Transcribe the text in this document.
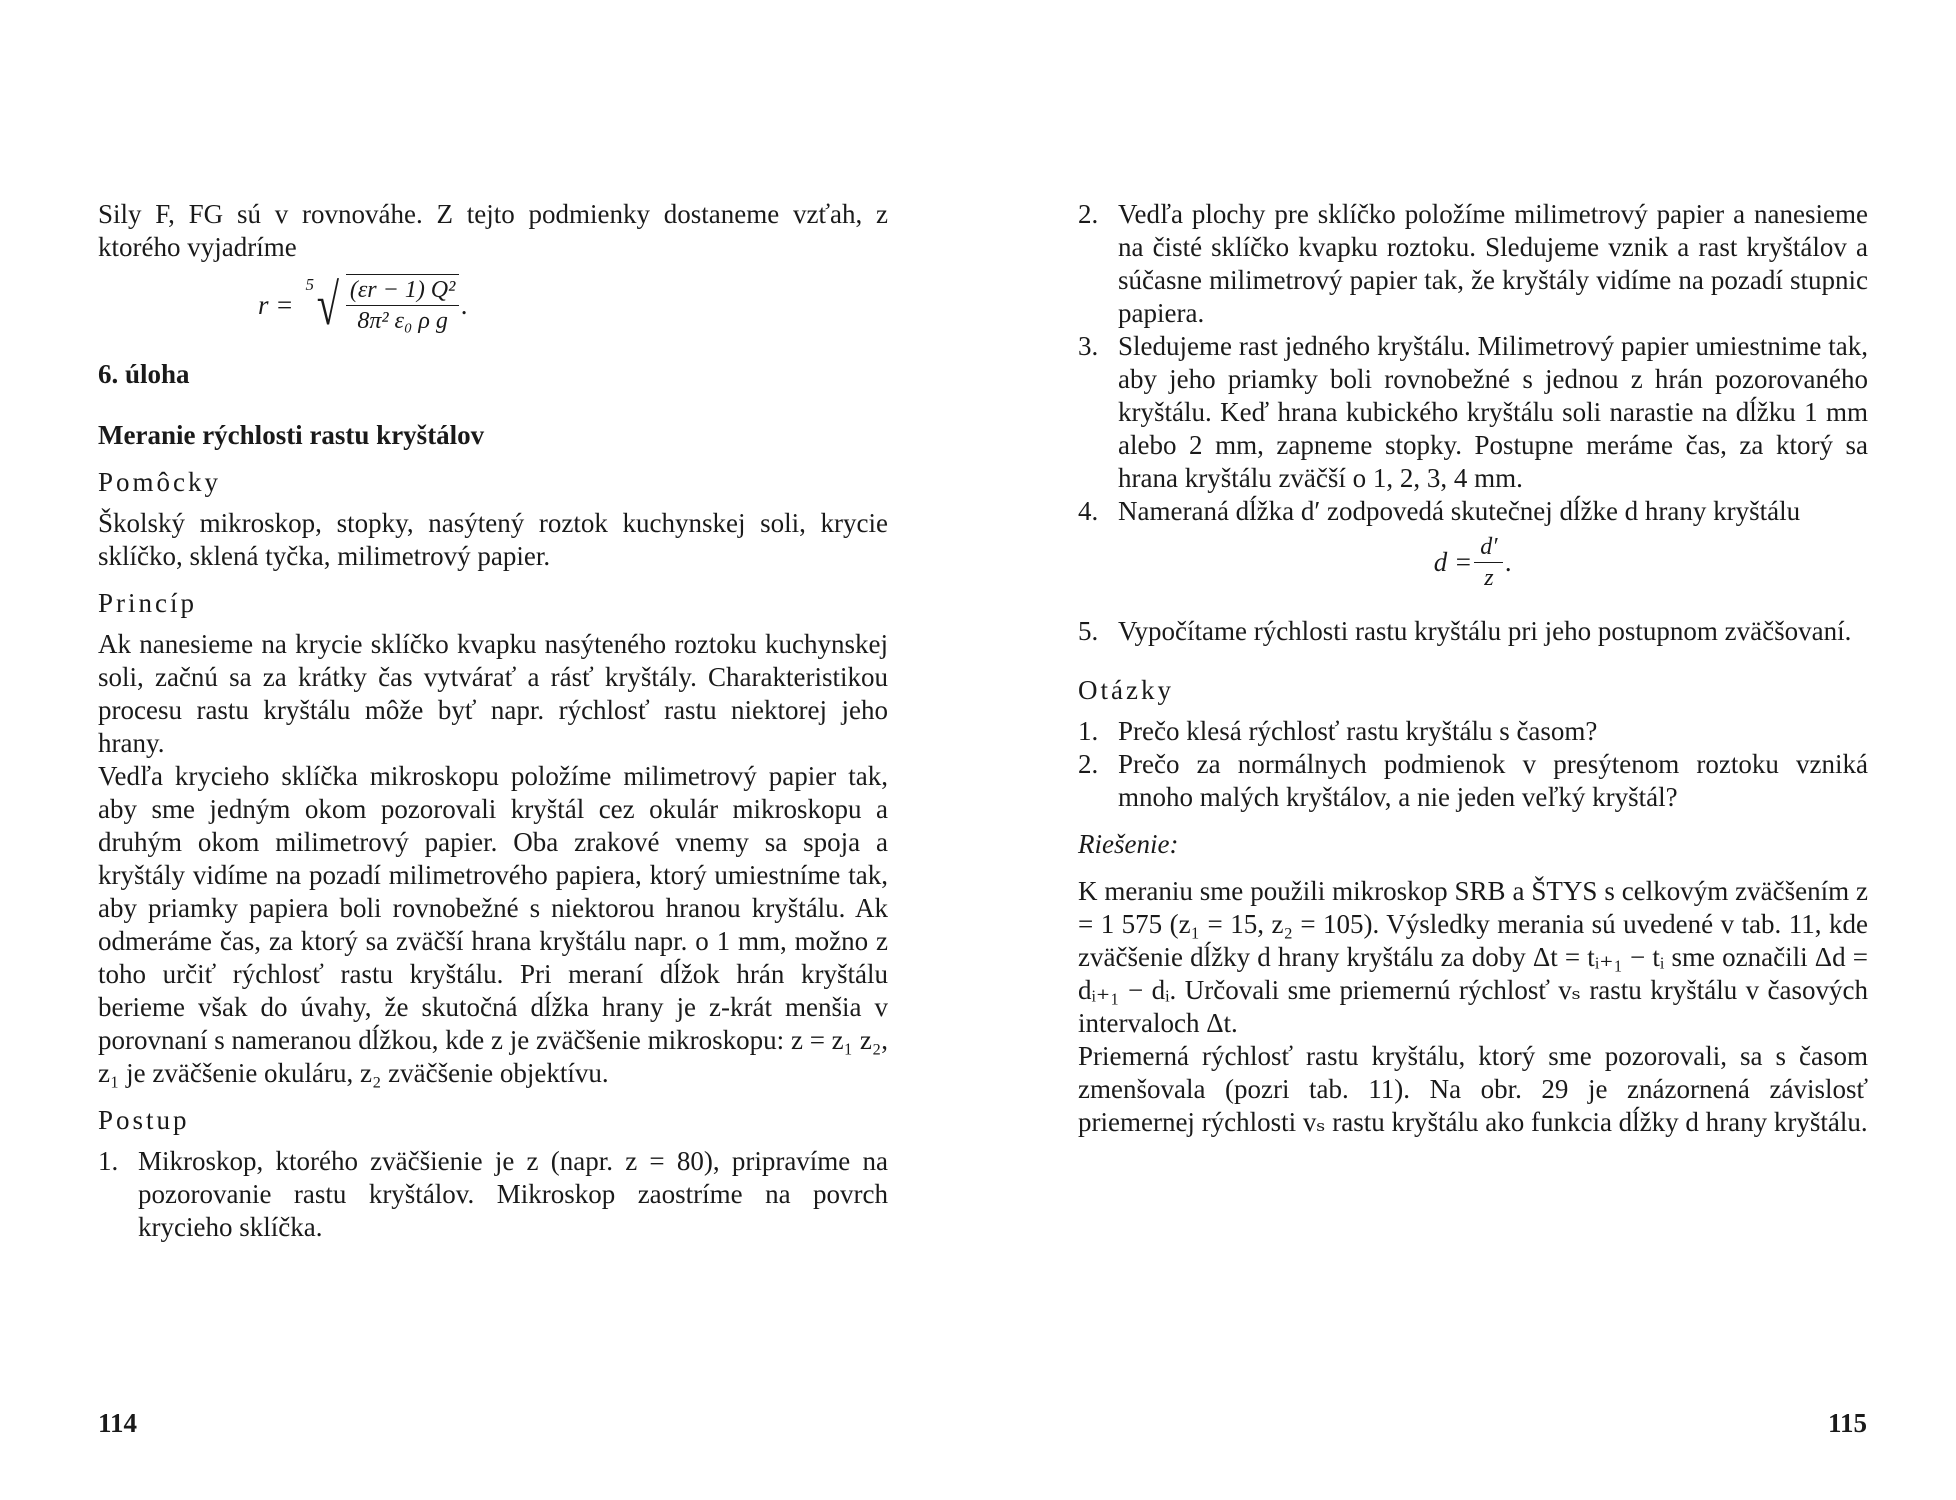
Sily F, FG sú v rovnováhe. Z tejto podmienky dostaneme vzťah, z ktorého vyjadríme

r =
5 √ $\frac{\text{(εr − 1) Q²}}{\text{8π² ε₀ ρ g}}$ .

6. úloha

Meranie rýchlosti rastu kryštálov

Pomôcky

Školský mikroskop, stopky, nasýtený roztok kuchynskej soli, krycie sklíčko, sklená tyčka, milimetrový papier.

Princíp

Ak nanesieme na krycie sklíčko kvapku nasýteného roztoku kuchynskej soli, začnú sa za krátky čas vytvárať a rásť kryštály. Charakteristikou procesu rastu kryštálu môže byť napr. rýchlosť rastu niektorej jeho hrany.

Vedľa krycieho sklíčka mikroskopu položíme milimetrový papier tak, aby sme jedným okom pozorovali kryštál cez okulár mikroskopu a druhým okom milimetrový papier. Oba zrakové vnemy sa spoja a kryštály vidíme na pozadí milimetrového papiera, ktorý umiestníme tak, aby priamky papiera boli rovnobežné s niektorou hranou kryštálu. Ak odmeráme čas, za ktorý sa zväčší hrana kryštálu napr. o 1 mm, možno z toho určiť rýchlosť rastu kryštálu. Pri meraní dĺžok hrán kryštálu berieme však do úvahy, že skutočná dĺžka hrany je z-krát menšia v porovnaní s nameranou dĺžkou, kde z je zväčšenie mikroskopu: z = z₁ z₂, z₁ je zväčšenie okuláru, z₂ zväčšenie objektívu.

Postup

1. Mikroskop, ktorého zväčšienie je z (napr. z = 80), pripravíme na pozorovanie rastu kryštálov. Mikroskop zaostríme na povrch krycieho sklíčka.
114
2. Vedľa plochy pre sklíčko položíme milimetrový papier a nanesieme na čisté sklíčko kvapku roztoku. Sledujeme vznik a rast kryštálov a súčasne milimetrový papier tak, že kryštály vidíme na pozadí stupnic papiera.
3. Sledujeme rast jedného kryštálu. Milimetrový papier umiestnime tak, aby jeho priamky boli rovnobežné s jednou z hrán pozorovaného kryštálu. Keď hrana kubického kryštálu soli narastie na dĺžku 1 mm alebo 2 mm, zapneme stopky. Postupne meráme čas, za ktorý sa hrana kryštálu zväčší o 1, 2, 3, 4 mm.
4. Nameraná dĺžka d′ zodpovedá skutečnej dĺžke d hrany kryštálu
$d = \frac{d'}{z}$ .
5. Vypočítame rýchlosti rastu kryštálu pri jeho postupnom zväčšovaní.

Otázky

1. Prečo klesá rýchlosť rastu kryštálu s časom?
2. Prečo za normálnych podmienok v presýtenom roztoku vzniká mnoho malých kryštálov, a nie jeden veľký kryštál?

Riešenie:

K meraniu sme použili mikroskop SRB a ŠTYS s celkovým zväčšením z = 1 575 (z₁ = 15, z₂ = 105). Výsledky merania sú uvedené v tab. 11, kde zväčšenie dĺžky d hrany kryštálu za doby Δt = tᵢ₊₁ − tᵢ sme označili Δd = dᵢ₊₁ − dᵢ. Určovali sme priemernú rýchlosť vₛ rastu kryštálu v časových intervaloch Δt.

Priemerná rýchlosť rastu kryštálu, ktorý sme pozorovali, sa s časom zmenšovala (pozri tab. 11). Na obr. 29 je znázornená závislosť priemernej rýchlosti vₛ rastu kryštálu ako funkcia dĺžky d hrany kryštálu.

115
